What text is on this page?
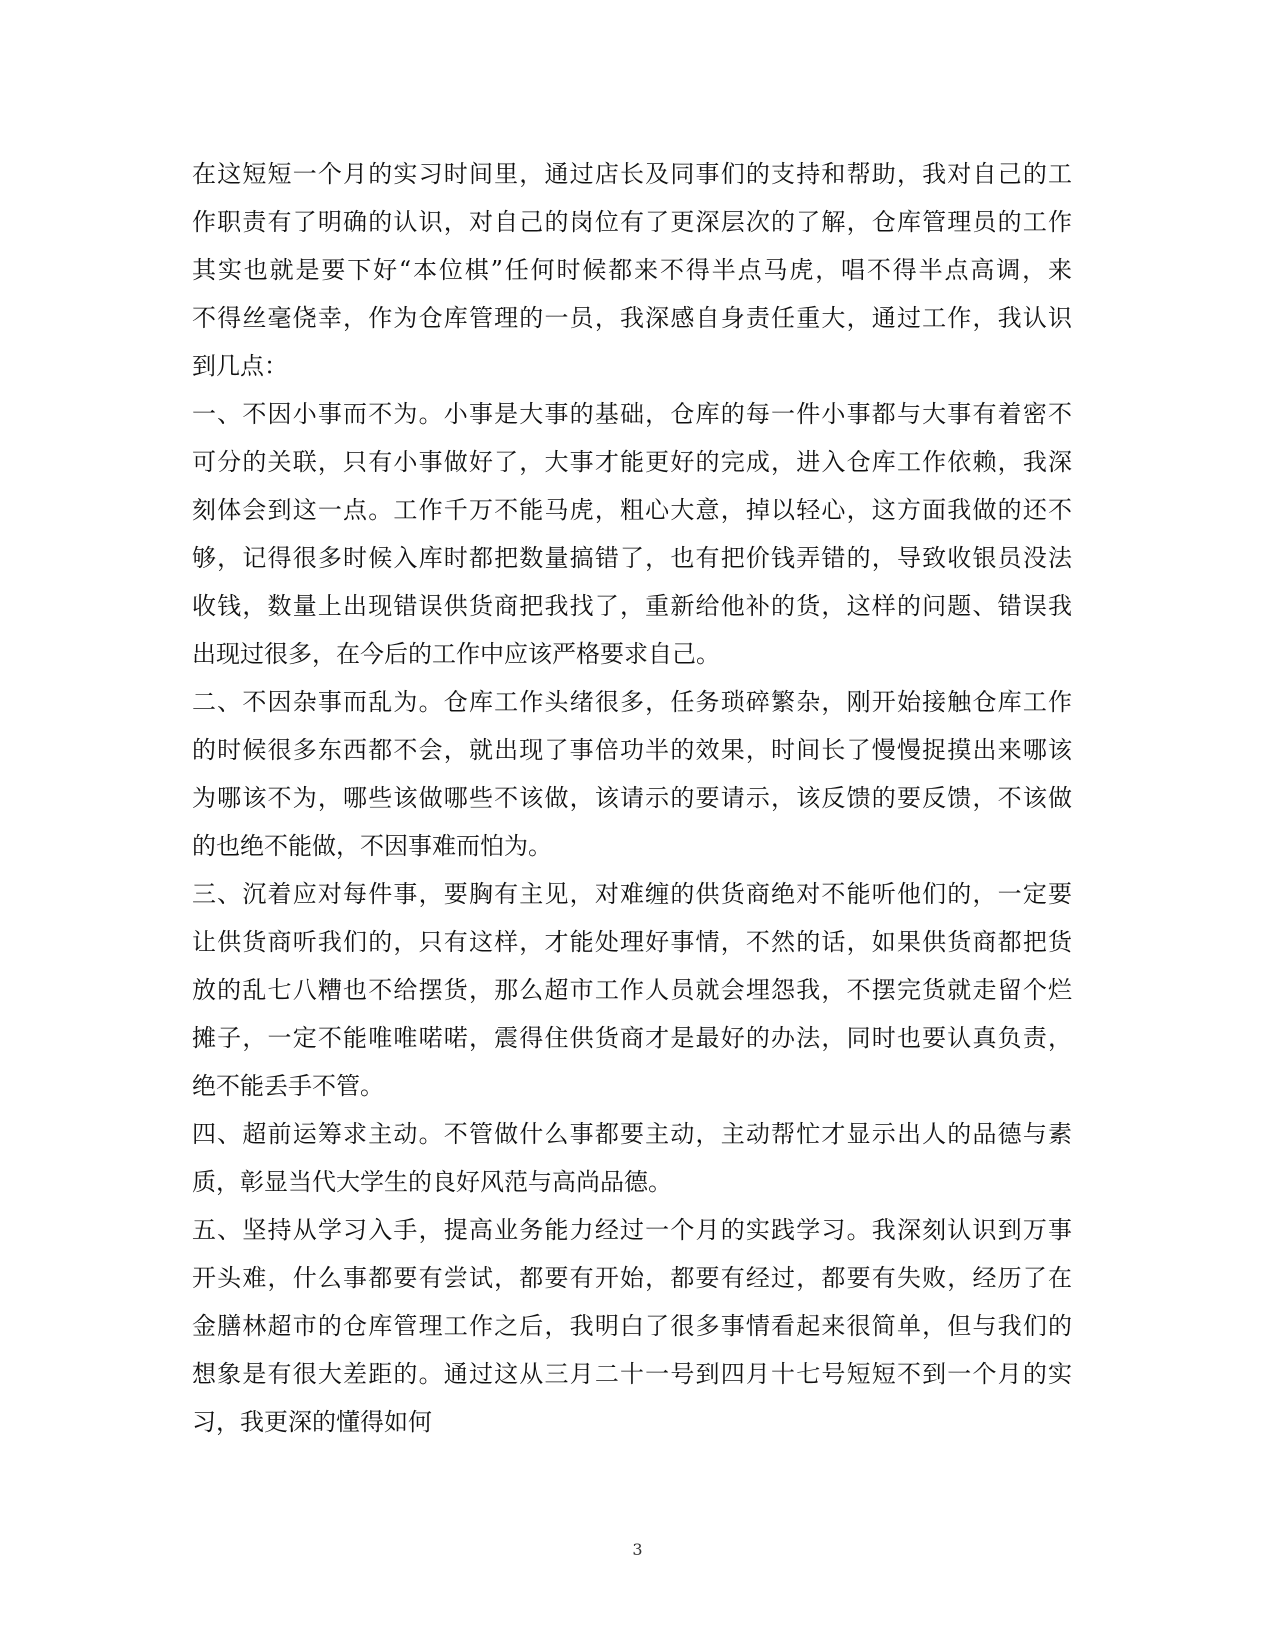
在这短短一个月的实习时间里，通过店长及同事们的支持和帮助，我对自己的工
作职责有了明确的认识，对自己的岗位有了更深层次的了解，仓库管理员的工作
其实也就是要下好“本位棋”任何时候都来不得半点马虎，唱不得半点高调，来
不得丝毫侥幸，作为仓库管理的一员，我深感自身责任重大，通过工作，我认识
到几点：
一、不因小事而不为。小事是大事的基础，仓库的每一件小事都与大事有着密不
可分的关联，只有小事做好了，大事才能更好的完成，进入仓库工作依赖，我深
刻体会到这一点。工作千万不能马虎，粗心大意，掉以轻心，这方面我做的还不
够，记得很多时候入库时都把数量搞错了，也有把价钱弄错的，导致收银员没法
收钱，数量上出现错误供货商把我找了，重新给他补的货，这样的问题、错误我
出现过很多，在今后的工作中应该严格要求自己。
二、不因杂事而乱为。仓库工作头绪很多，任务琐碎繁杂，刚开始接触仓库工作
的时候很多东西都不会，就出现了事倍功半的效果，时间长了慢慢捉摸出来哪该
为哪该不为，哪些该做哪些不该做，该请示的要请示，该反馈的要反馈，不该做
的也绝不能做，不因事难而怕为。
三、沉着应对每件事，要胸有主见，对难缠的供货商绝对不能听他们的，一定要
让供货商听我们的，只有这样，才能处理好事情，不然的话，如果供货商都把货
放的乱七八糟也不给摆货，那么超市工作人员就会埋怨我，不摆完货就走留个烂
摊子，一定不能唯唯喏喏，震得住供货商才是最好的办法，同时也要认真负责，
绝不能丢手不管。
四、超前运筹求主动。不管做什么事都要主动，主动帮忙才显示出人的品德与素
质，彰显当代大学生的良好风范与高尚品德。
五、坚持从学习入手，提高业务能力经过一个月的实践学习。我深刻认识到万事
开头难，什么事都要有尝试，都要有开始，都要有经过，都要有失败，经历了在
金膳林超市的仓库管理工作之后，我明白了很多事情看起来很简单，但与我们的
想象是有很大差距的。通过这从三月二十一号到四月十七号短短不到一个月的实
习，我更深的懂得如何
3
